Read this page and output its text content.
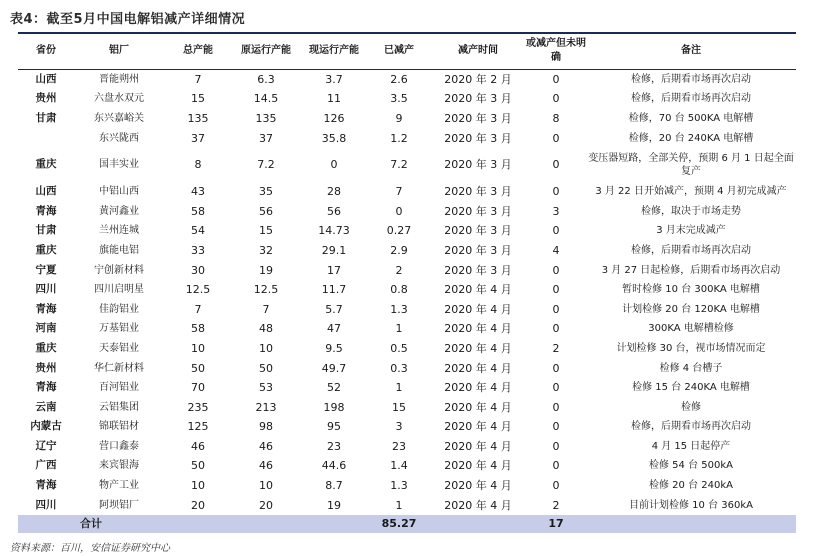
表4：截至5月中国电解铝减产详细情况
省份	铝厂	总产能	原运行产能	现运行产能	已减产	减产时间	或减产但未明确	备注
山西	晋能朔州	7	6.3	3.7	2.6	2020 年 2 月	0	检修，后期看市场再次启动
贵州	六盘水双元	15	14.5	11	3.5	2020 年 3 月	0	检修，后期看市场再次启动
甘肃	东兴嘉峪关	135	135	126	9	2020 年 3 月	8	检修，70 台 500KA 电解槽
	东兴陇西	37	37	35.8	1.2	2020 年 3 月	0	检修，20 台 240KA 电解槽
重庆	国丰实业	8	7.2	0	7.2	2020 年 3 月	0	变压器短路，全部关停，预期 6 月 1 日起全面复产
山西	中铝山西	43	35	28	7	2020 年 3 月	0	3 月 22 日开始减产，预期 4 月初完成减产
青海	黄河鑫业	58	56	56	0	2020 年 3 月	3	检修，取决于市场走势
甘肃	兰州连城	54	15	14.73	0.27	2020 年 3 月	0	3 月末完成减产
重庆	旗能电铝	33	32	29.1	2.9	2020 年 3 月	4	检修，后期看市场再次启动
宁夏	宁创新材料	30	19	17	2	2020 年 3 月	0	3 月 27 日起检修，后期看市场再次启动
四川	四川启明星	12.5	12.5	11.7	0.8	2020 年 4 月	0	暂时检修 10 台 300KA 电解槽
青海	佳韵铝业	7	7	5.7	1.3	2020 年 4 月	0	计划检修 20 台 120KA 电解槽
河南	万基铝业	58	48	47	1	2020 年 4 月	0	300KA 电解槽检修
重庆	天泰铝业	10	10	9.5	0.5	2020 年 4 月	2	计划检修 30 台，视市场情况而定
贵州	华仁新材料	50	50	49.7	0.3	2020 年 4 月	0	检修 4 台槽子
青海	百河铝业	70	53	52	1	2020 年 4 月	0	检修 15 台 240KA 电解槽
云南	云铝集团	235	213	198	15	2020 年 4 月	0	检修
内蒙古	锦联铝材	125	98	95	3	2020 年 4 月	0	检修，后期看市场再次启动
辽宁	营口鑫泰	46	46	23	23	2020 年 4 月	0	4 月 15 日起停产
广西	来宾银海	50	46	44.6	1.4	2020 年 4 月	0	检修 54 台 500kA
青海	物产工业	10	10	8.7	1.3	2020 年 4 月	0	检修 20 台 240kA
四川	阿坝铝厂	20	20	19	1	2020 年 4 月	2	目前计划检修 10 台 360kA
合计					85.27		17	
资料来源：百川，安信证券研究中心
